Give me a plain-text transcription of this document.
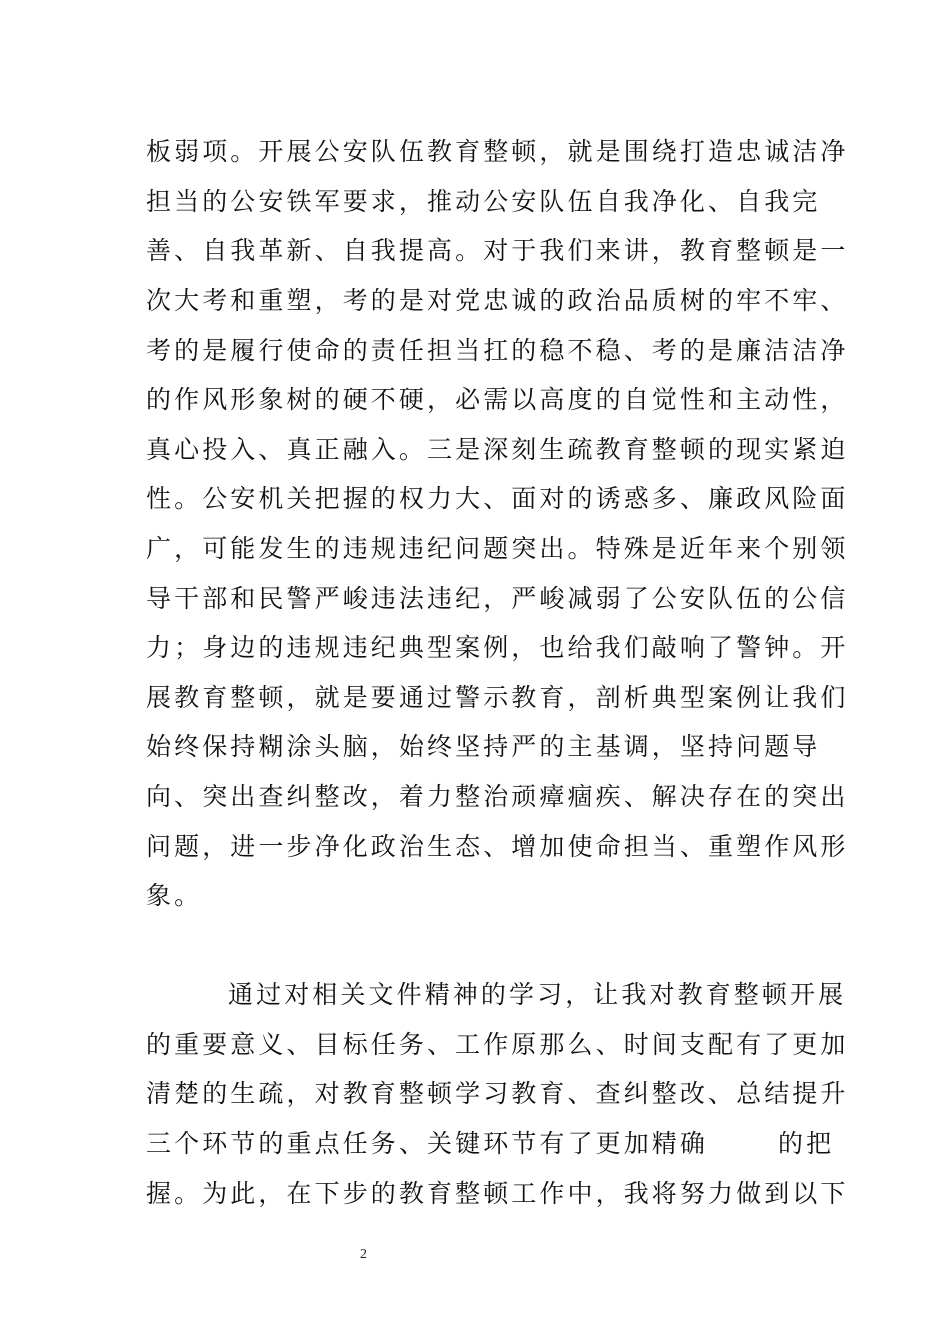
板弱项。开展公安队伍教育整顿，就是围绕打造忠诚洁净
担当的公安铁军要求，推动公安队伍自我净化、自我完
善、自我革新、自我提高。对于我们来讲，教育整顿是一
次大考和重塑，考的是对党忠诚的政治品质树的牢不牢、
考的是履行使命的责任担当扛的稳不稳、考的是廉洁洁净
的作风形象树的硬不硬，必需以高度的自觉性和主动性，
真心投入、真正融入。三是深刻生疏教育整顿的现实紧迫
性。公安机关把握的权力大、面对的诱惑多、廉政风险面
广，可能发生的违规违纪问题突出。特殊是近年来个别领
导干部和民警严峻违法违纪，严峻减弱了公安队伍的公信
力；身边的违规违纪典型案例，也给我们敲响了警钟。开
展教育整顿，就是要通过警示教育，剖析典型案例让我们
始终保持糊涂头脑，始终坚持严的主基调，坚持问题导
向、突出查纠整改，着力整治顽瘴痼疾、解决存在的突出
问题，进一步净化政治生态、增加使命担当、重塑作风形
象。
通过对相关文件精神的学习，让我对教育整顿开展
的重要意义、目标任务、工作原那么、时间支配有了更加
清楚的生疏，对教育整顿学习教育、查纠整改、总结提升
三个环节的重点任务、关键环节有了更加精确	的把
握。为此，在下步的教育整顿工作中，我将努力做到以下
2
